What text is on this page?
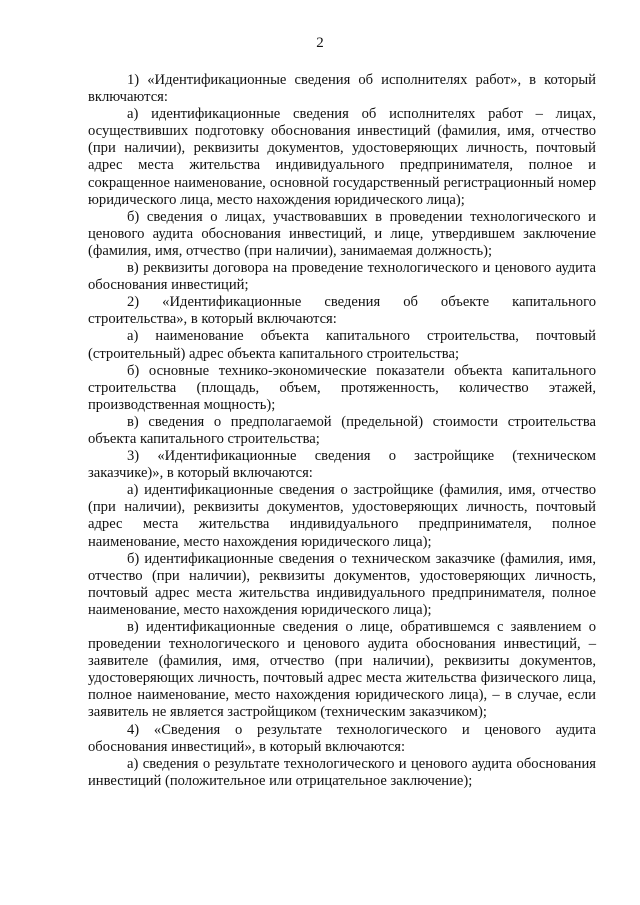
2

1) «Идентификационные сведения об исполнителях работ», в который включаются:

а) идентификационные сведения об исполнителях работ – лицах, осуществивших подготовку обоснования инвестиций (фамилия, имя, отчество (при наличии), реквизиты документов, удостоверяющих личность, почтовый адрес места жительства индивидуального предпринимателя, полное и сокращенное наименование, основной государственный регистрационный номер юридического лица, место нахождения юридического лица);

б) сведения о лицах, участвовавших в проведении технологического и ценового аудита обоснования инвестиций, и лице, утвердившем заключение (фамилия, имя, отчество (при наличии), занимаемая должность);

в) реквизиты договора на проведение технологического и ценового аудита обоснования инвестиций;

2) «Идентификационные сведения об объекте капитального строительства», в который включаются:

а) наименование объекта капитального строительства, почтовый (строительный) адрес объекта капитального строительства;

б) основные технико-экономические показатели объекта капитального строительства (площадь, объем, протяженность, количество этажей, производственная мощность);

в) сведения о предполагаемой (предельной) стоимости строительства объекта капитального строительства;

3) «Идентификационные сведения о застройщике (техническом заказчике)», в который включаются:

а) идентификационные сведения о застройщике (фамилия, имя, отчество (при наличии), реквизиты документов, удостоверяющих личность, почтовый адрес места жительства индивидуального предпринимателя, полное наименование, место нахождения юридического лица);

б) идентификационные сведения о техническом заказчике (фамилия, имя, отчество (при наличии), реквизиты документов, удостоверяющих личность, почтовый адрес места жительства индивидуального предпринимателя, полное наименование, место нахождения юридического лица);

в) идентификационные сведения о лице, обратившемся с заявлением о проведении технологического и ценового аудита обоснования инвестиций, – заявителе (фамилия, имя, отчество (при наличии), реквизиты документов, удостоверяющих личность, почтовый адрес места жительства физического лица, полное наименование, место нахождения юридического лица), – в случае, если заявитель не является застройщиком (техническим заказчиком);

4) «Сведения о результате технологического и ценового аудита обоснования инвестиций», в который включаются:

а) сведения о результате технологического и ценового аудита обоснования инвестиций (положительное или отрицательное заключение);
